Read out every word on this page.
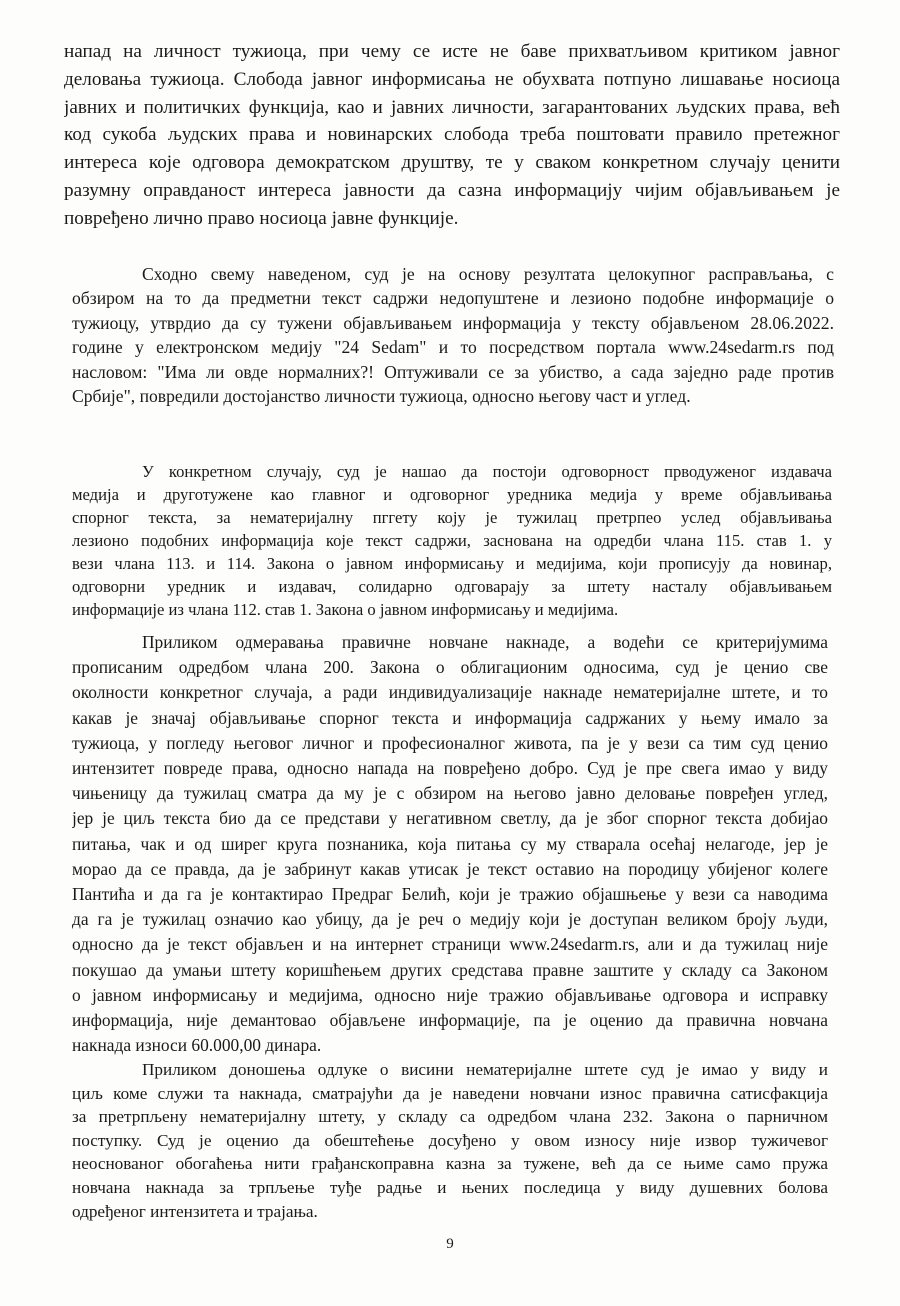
напад на личност тужиоца, при чему се исте не баве прихватљивом критиком јавног
деловања тужиоца. Слобода јавног информисања не обухвата потпуно лишавање носиоца
јавних и политичких функција, као и јавних личности, загарантованих људских права, већ
код сукоба људских права и новинарских слобода треба поштовати правило претежног
интереса које одговора демократском друштву, те у сваком конкретном случају ценити
разумну оправданост интереса јавности да сазна информацију чијим објављивањем је
повређено лично право носиоца јавне функције.
Сходно свему наведеном, суд је на основу резултата целокупног расправљања, с
обзиром на то да предметни текст садржи недопуштене и лезионо подобне информације о
тужиоцу, утврдио да су тужени објављивањем информација у тексту објављеном 28.06.2022.
године у електронском медију "24 Sedam" и то посредством портала www.24sedarm.rs под
насловом: "Има ли овде нормалних?! Оптуживали се за убиство, а сада заједно раде против
Србије", повредили достојанство личности тужиоца, односно његову част и углед.
У конкретном случају, суд је нашао да постоји одговорност прводуженог издавача
медија и друготужене као главног и одговорног уредника медија у време објављивања
спорног текста, за нематеријалну пггету коју је тужилац претрпео услед објављивања
лезионо подобних информација које текст садржи, заснована на одредби члана 115. став 1. у
вези члана 113. и 114. Закона о јавном информисању и медијима, који прописују да новинар,
одговорни уредник и издавач, солидарно одговарају за штету насталу објављивањем
информације из члана 112. став 1. Закона о јавном информисању и медијима.
Приликом одмеравања правичне новчане накнаде, а водећи се критеријумима
прописаним одредбом члана 200. Закона о облигационим односима, суд је ценио све
околности конкретног случаја, а ради индивидуализације накнаде нематеријалне штете, и то
какав је значај објављивање спорног текста и информација садржаних у њему имало за
тужиоца, у погледу његовог личног и професионалног живота, па је у вези са тим суд ценио
интензитет повреде права, односно напада на повређено добро. Суд је пре свега имао у виду
чињеницу да тужилац сматра да му је с обзиром на његово јавно деловање повређен углед,
јер је циљ текста био да се представи у негативном светлу, да је због спорног текста добијао
питања, чак и од ширег круга познаника, која питања су му стварала осећај нелагоде, јер је
морао да се правда, да је забринут какав утисак је текст оставио на породицу убијеног колеге
Пантића и да га је контактирао Предраг Белић, који је тражио објашњење у вези са наводима
да га је тужилац означио као убицу, да је реч о медију који је доступан великом броју људи,
односно да је текст објављен и на интернет страници www.24sedarm.rs, али и да тужилац није
покушао да умањи штету коришћењем других средстава правне заштите у складу са Законом
о јавном информисању и медијима, односно није тражио објављивање одговора и исправку
информација, није демантовао објављене информације, па је оценио да правична новчана
накнада износи 60.000,00 динара.
Приликом доношења одлуке о висини нематеријалне штете суд је имао у виду и
циљ коме служи та накнада, сматрајући да је наведени новчани износ правична сатисфакција
за претрпљену нематеријалну штету, у складу са одредбом члана 232. Закона о парничном
поступку. Суд је оценио да обештећење досуђено у овом износу није извор тужичевог
неоснованог обогаћења нити грађанскоправна казна за тужене, већ да се њиме само пружа
новчана накнада за трпљење туђе радње и њених последица у виду душевних болова
одређеног интензитета и трајања.
9
